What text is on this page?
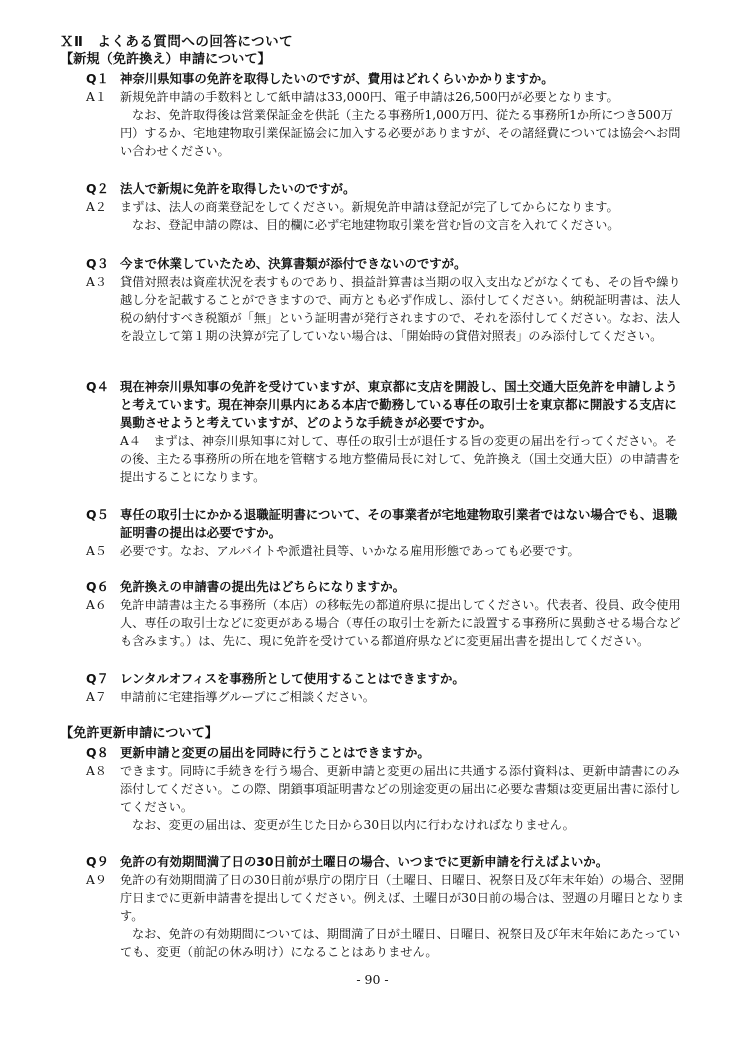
ＸⅡ よくある質問への回答について
【新規（免許換え）申請について】
Q１ 神奈川県知事の免許を取得したいのですが、費用はどれくらいかかりますか。
A１ 新規免許申請の手数料として紙申請は33,000円、電子申請は26,500円が必要となります。
なお、免許取得後は営業保証金を供託（主たる事務所1,000万円、従たる事務所1か所につき500万円）するか、宅地建物取引業保証協会に加入する必要がありますが、その諸経費については協会へお問い合わせください。
Q２ 法人で新規に免許を取得したいのですが。
A２ まずは、法人の商業登記をしてください。新規免許申請は登記が完了してからになります。
なお、登記申請の際は、目的欄に必ず宅地建物取引業を営む旨の文言を入れてください。
Q３ 今まで休業していたため、決算書類が添付できないのですが。
A３ 貸借対照表は資産状況を表すものであり、損益計算書は当期の収入支出などがなくても、その旨や繰り越し分を記載することができますので、両方とも必ず作成し、添付してください。納税証明書は、法人税の納付すべき税額が「無」という証明書が発行されますので、それを添付してください。なお、法人を設立して第１期の決算が完了していない場合は、「開始時の貸借対照表」のみ添付してください。
Q４ 現在神奈川県知事の免許を受けていますが、東京都に支店を開設し、国土交通大臣免許を申請しようと考えています。現在神奈川県内にある本店で勤務している専任の取引士を東京都に開設する支店に異動させようと考えていますが、どのような手続きが必要ですか。
A４　 まずは、神奈川県知事に対して、専任の取引士が退任する旨の変更の届出を行ってください。その後、主たる事務所の所在地を管轄する地方整備局長に対して、免許換え（国土交通大臣）の申請書を提出することになります。
Q５ 専任の取引士にかかる退職証明書について、その事業者が宅地建物取引業者ではない場合でも、退職証明書の提出は必要ですか。
A５ 必要です。なお、アルバイトや派遣社員等、いかなる雇用形態であっても必要です。
Q６ 免許換えの申請書の提出先はどちらになりますか。
A６ 免許申請書は主たる事務所（本店）の移転先の都道府県に提出してください。代表者、役員、政令使用人、専任の取引士などに変更がある場合（専任の取引士を新たに設置する事務所に異動させる場合なども含みます。）は、先に、現に免許を受けている都道府県などに変更届出書を提出してください。
Q７ レンタルオフィスを事務所として使用することはできますか。
A７ 申請前に宅建指導グループにご相談ください。
【免許更新申請について】
Q８ 更新申請と変更の届出を同時に行うことはできますか。
A８ できます。同時に手続きを行う場合、更新申請と変更の届出に共通する添付資料は、更新申請書にのみ添付してください。この際、閉鎖事項証明書などの別途変更の届出に必要な書類は変更届出書に添付してください。
なお、変更の届出は、変更が生じた日から30日以内に行わなければなりません。
Q９ 免許の有効期間満了日の30日前が土曜日の場合、いつまでに更新申請を行えばよいか。
A９ 免許の有効期間満了日の30日前が県庁の閉庁日（土曜日、日曜日、祝祭日及び年末年始）の場合、翌開庁日までに更新申請書を提出してください。例えば、土曜日が30日前の場合は、翌週の月曜日となります。
なお、免許の有効期間については、期間満了日が土曜日、日曜日、祝祭日及び年末年始にあたっていても、変更（前記の休み明け）になることはありません。
- 90 -
